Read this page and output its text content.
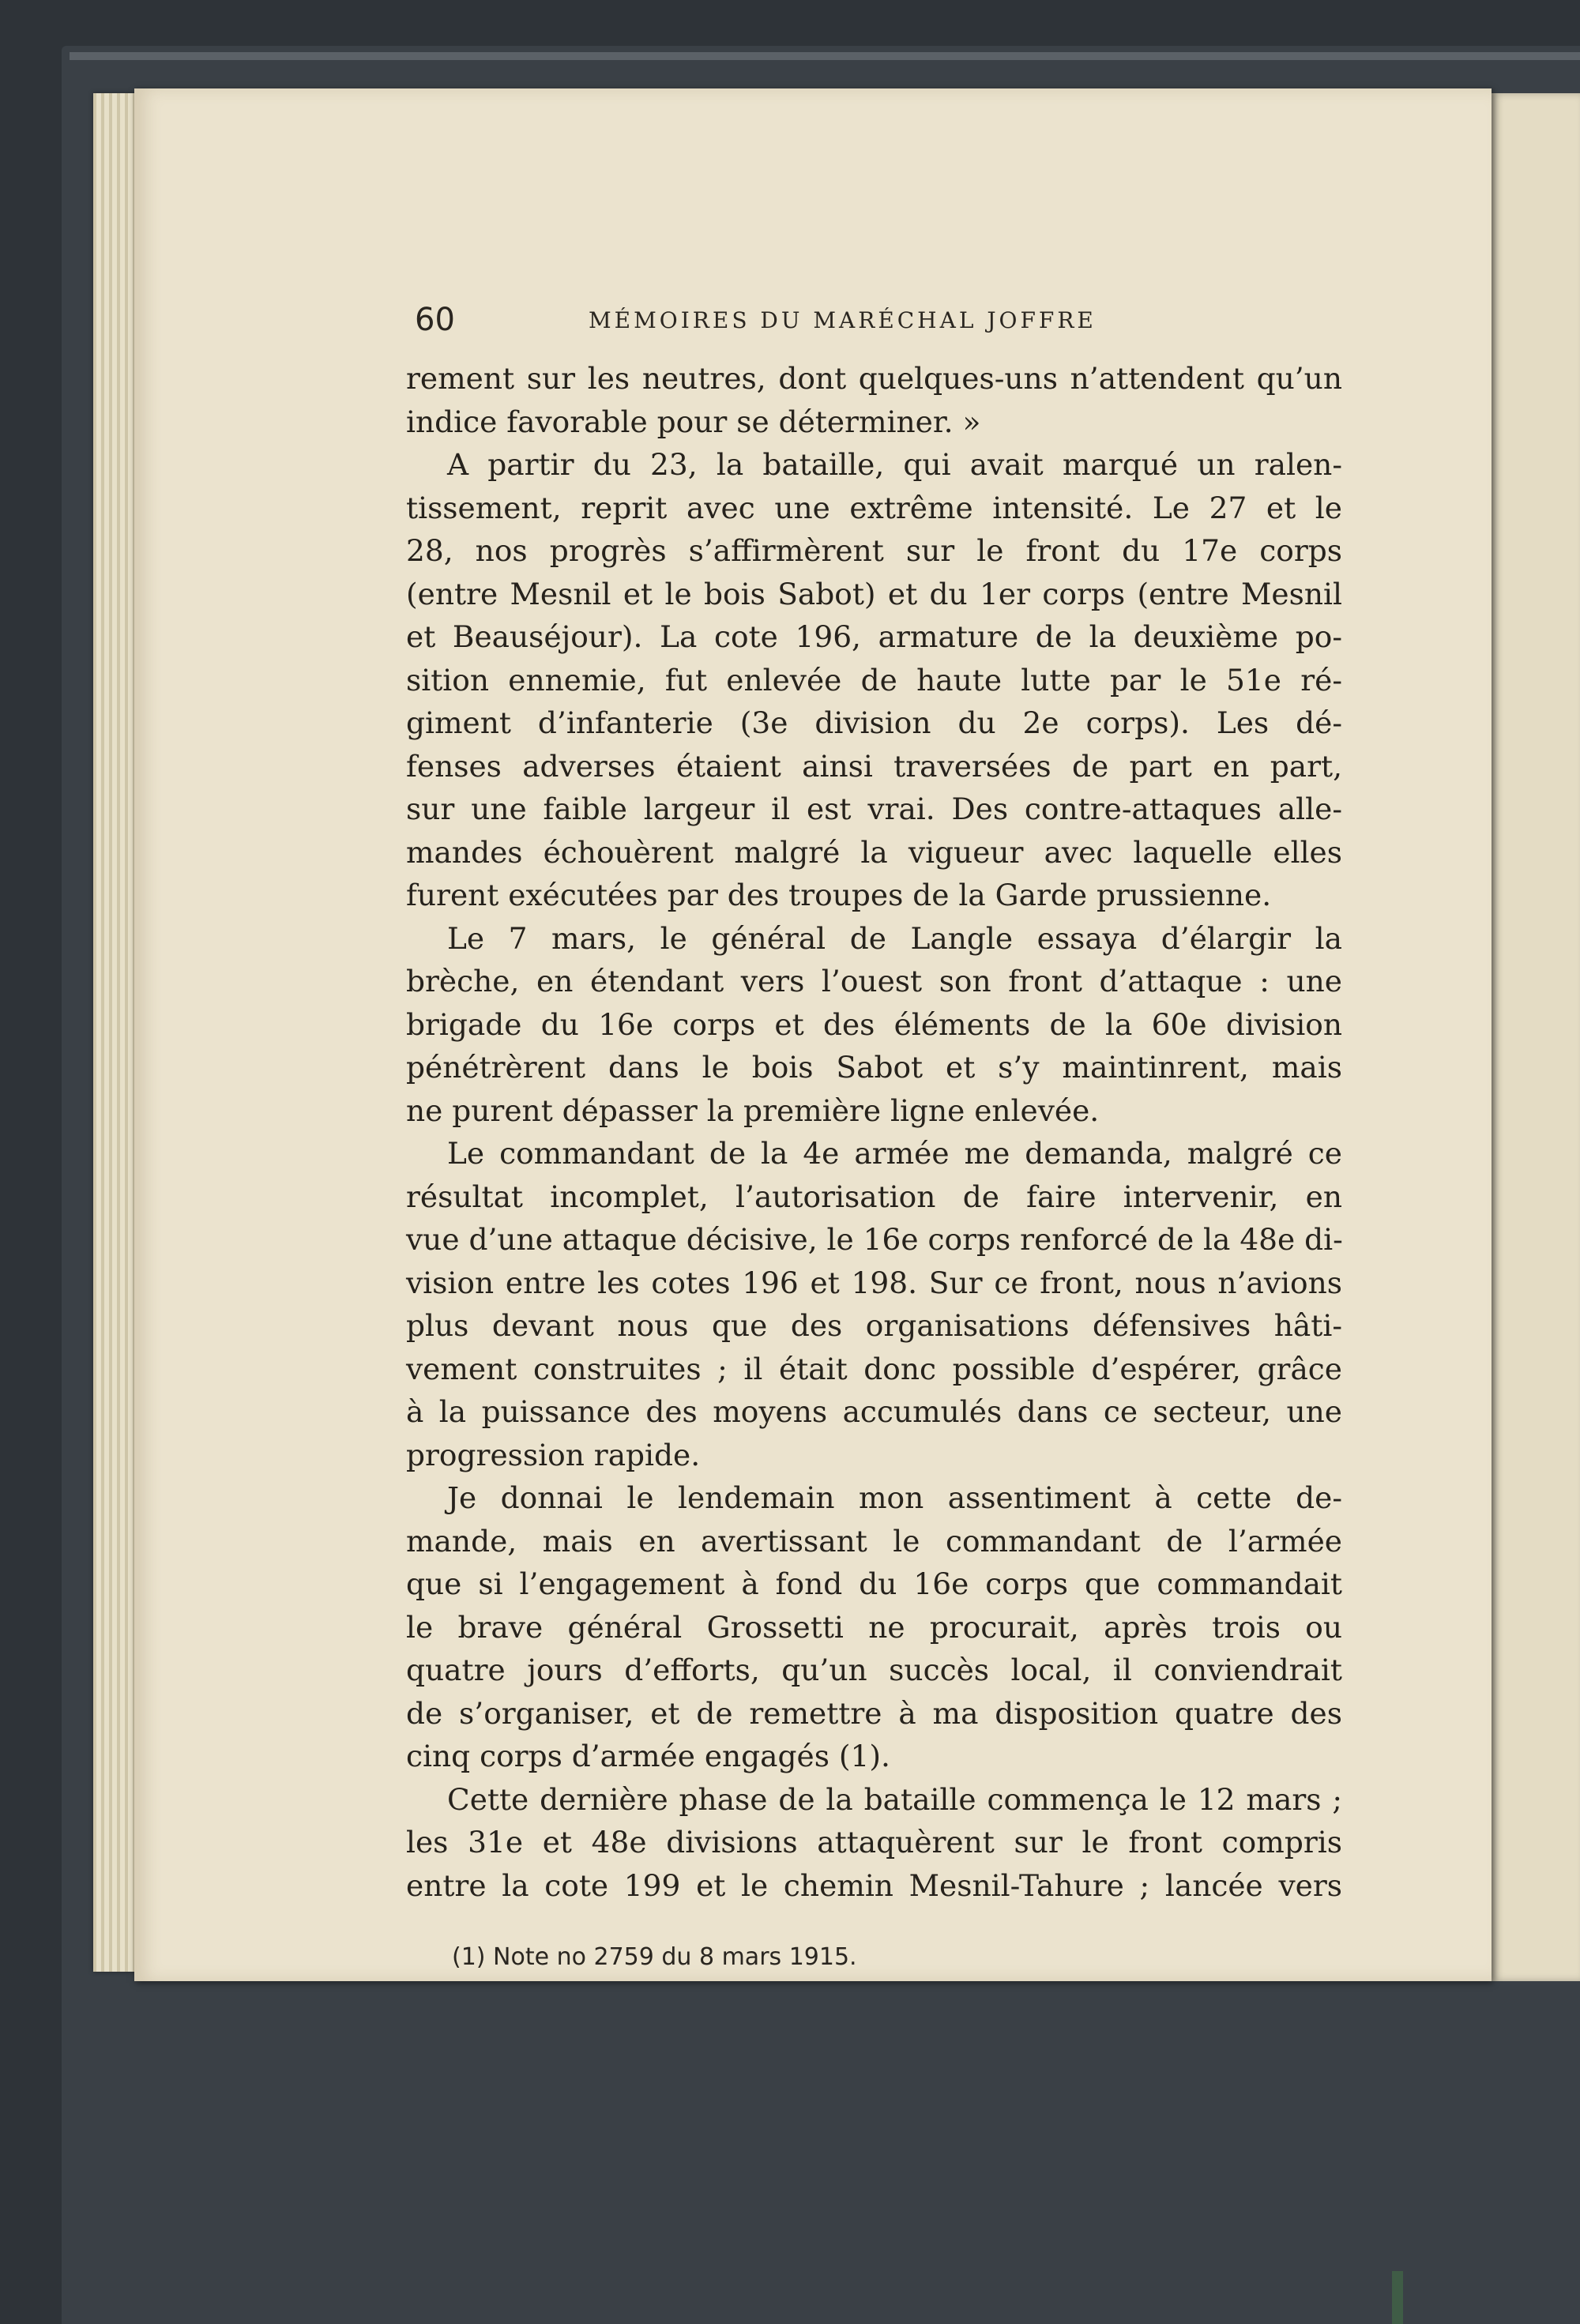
60	MÉMOIRES DU MARÉCHAL JOFFRE
rement sur les neutres, dont quelques-uns n’attendent qu’un
indice favorable pour se déterminer. »
A partir du 23, la bataille, qui avait marqué un ralen-
tissement, reprit avec une extrême intensité. Le 27 et le
28, nos progrès s’affirmèrent sur le front du 17e corps
(entre Mesnil et le bois Sabot) et du 1er corps (entre Mesnil
et Beauséjour). La cote 196, armature de la deuxième po-
sition ennemie, fut enlevée de haute lutte par le 51e ré-
giment d’infanterie (3e division du 2e corps). Les dé-
fenses adverses étaient ainsi traversées de part en part,
sur une faible largeur il est vrai. Des contre-attaques alle-
mandes échouèrent malgré la vigueur avec laquelle elles
furent exécutées par des troupes de la Garde prussienne.
Le 7 mars, le général de Langle essaya d’élargir la
brèche, en étendant vers l’ouest son front d’attaque : une
brigade du 16e corps et des éléments de la 60e division
pénétrèrent dans le bois Sabot et s’y maintinrent, mais
ne purent dépasser la première ligne enlevée.
Le commandant de la 4e armée me demanda, malgré ce
résultat incomplet, l’autorisation de faire intervenir, en
vue d’une attaque décisive, le 16e corps renforcé de la 48e di-
vision entre les cotes 196 et 198. Sur ce front, nous n’avions
plus devant nous que des organisations défensives hâti-
vement construites ; il était donc possible d’espérer, grâce
à la puissance des moyens accumulés dans ce secteur, une
progression rapide.
Je donnai le lendemain mon assentiment à cette de-
mande, mais en avertissant le commandant de l’armée
que si l’engagement à fond du 16e corps que commandait
le brave général Grossetti ne procurait, après trois ou
quatre jours d’efforts, qu’un succès local, il conviendrait
de s’organiser, et de remettre à ma disposition quatre des
cinq corps d’armée engagés (1).
Cette dernière phase de la bataille commença le 12 mars ;
les 31e et 48e divisions attaquèrent sur le front compris
entre la cote 199 et le chemin Mesnil-Tahure ; lancée vers
(1) Note no 2759 du 8 mars 1915.
